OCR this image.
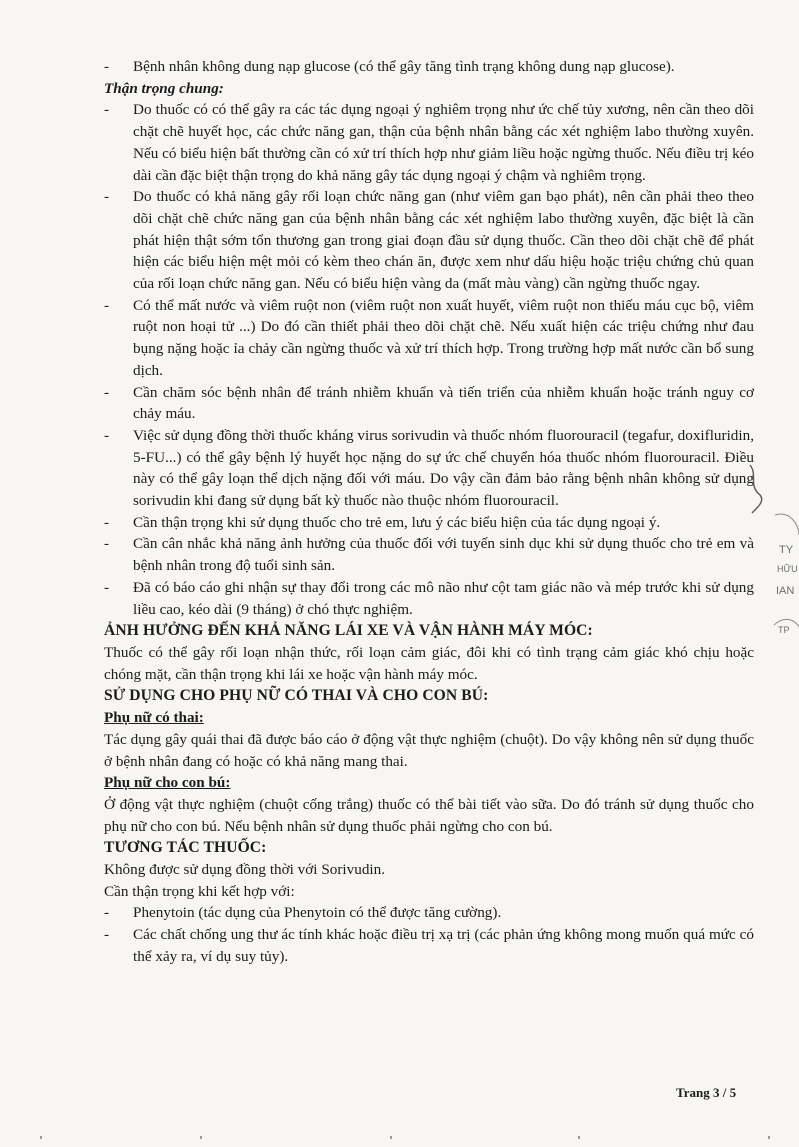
-	Bệnh nhân không dung nạp glucose (có thể gây tăng tình trạng không dung nạp glucose).
Thận trọng chung:
-	Do thuốc có có thể gây ra các tác dụng ngoại ý nghiêm trọng như ức chế tủy xương, nên cần theo dõi chặt chẽ huyết học, các chức năng gan, thận của bệnh nhân bằng các xét nghiệm labo thường xuyên. Nếu có biểu hiện bất thường cần có xử trí thích hợp như giảm liều hoặc ngừng thuốc. Nếu điều trị kéo dài cần đặc biệt thận trọng do khả năng gây tác dụng ngoại ý chậm và nghiêm trọng.
-	Do thuốc có khả năng gây rối loạn chức năng gan (như viêm gan bạo phát), nên cần phải theo theo dõi chặt chẽ chức năng gan của bệnh nhân bằng các xét nghiệm labo thường xuyên, đặc biệt là cần phát hiện thật sớm tổn thương gan trong giai đoạn đầu sử dụng thuốc. Cần theo dõi chặt chẽ để phát hiện các biểu hiện mệt mỏi có kèm theo chán ăn, được xem như dấu hiệu hoặc triệu chứng chủ quan của rối loạn chức năng gan. Nếu có biểu hiện vàng da (mất màu vàng) cần ngừng thuốc ngay.
-	Có thể mất nước và viêm ruột non (viêm ruột non xuất huyết, viêm ruột non thiếu máu cục bộ, viêm ruột non hoại tử ...) Do đó cần thiết phải theo dõi chặt chẽ. Nếu xuất hiện các triệu chứng như đau bụng nặng hoặc ỉa chảy cần ngừng thuốc và xử trí thích hợp. Trong trường hợp mất nước cần bổ sung dịch.
-	Cần chăm sóc bệnh nhân để tránh nhiễm khuẩn và tiến triển của nhiễm khuẩn hoặc tránh nguy cơ chảy máu.
-	Việc sử dụng đồng thời thuốc kháng virus sorivudin và thuốc nhóm fluorouracil (tegafur, doxifluridin, 5-FU...) có thể gây bệnh lý huyết học nặng do sự ức chế chuyển hóa thuốc nhóm fluorouracil. Điều này có thể gây loạn thể dịch nặng đối với máu. Do vậy cần đảm bảo rằng bệnh nhân không sử dụng sorivudin khi đang sử dụng bất kỳ thuốc nào thuộc nhóm fluorouracil.
-	Cần thận trọng khi sử dụng thuốc cho trẻ em, lưu ý các biểu hiện của tác dụng ngoại ý.
-	Cần cân nhắc khả năng ảnh hưởng của thuốc đối với tuyến sinh dục khi sử dụng thuốc cho trẻ em và bệnh nhân trong độ tuổi sinh sản.
-	Đã có báo cáo ghi nhận sự thay đổi trong các mô não như cột tam giác não và mép trước khi sử dụng liều cao, kéo dài (9 tháng) ở chó thực nghiệm.
ẢNH HƯỞNG ĐẾN KHẢ NĂNG LÁI XE VÀ VẬN HÀNH MÁY MÓC:
Thuốc có thể gây rối loạn nhận thức, rối loạn cảm giác, đôi khi có tình trạng cảm giác khó chịu hoặc chóng mặt, cần thận trọng khi lái xe hoặc vận hành máy móc.
SỬ DỤNG CHO PHỤ NỮ CÓ THAI VÀ CHO CON BÚ:
Phụ nữ có thai:
Tác dụng gây quái thai đã được báo cáo ở động vật thực nghiệm (chuột). Do vậy không nên sử dụng thuốc ở bệnh nhân đang có hoặc có khả năng mang thai.
Phụ nữ cho con bú:
Ở động vật thực nghiệm (chuột cống trắng) thuốc có thể bài tiết vào sữa. Do đó tránh sử dụng thuốc cho phụ nữ cho con bú. Nếu bệnh nhân sử dụng thuốc phải ngừng cho con bú.
TƯƠNG TÁC THUỐC:
Không được sử dụng đồng thời với Sorivudin.
Cần thận trọng khi kết hợp với:
-	Phenytoin (tác dụng của Phenytoin có thể được tăng cường).
-	Các chất chống ung thư ác tính khác hoặc điều trị xạ trị (các phản ứng không mong muốn quá mức có thể xảy ra, ví dụ suy tủy).
TY
HỮU
IAN
TP
Trang 3 / 5
